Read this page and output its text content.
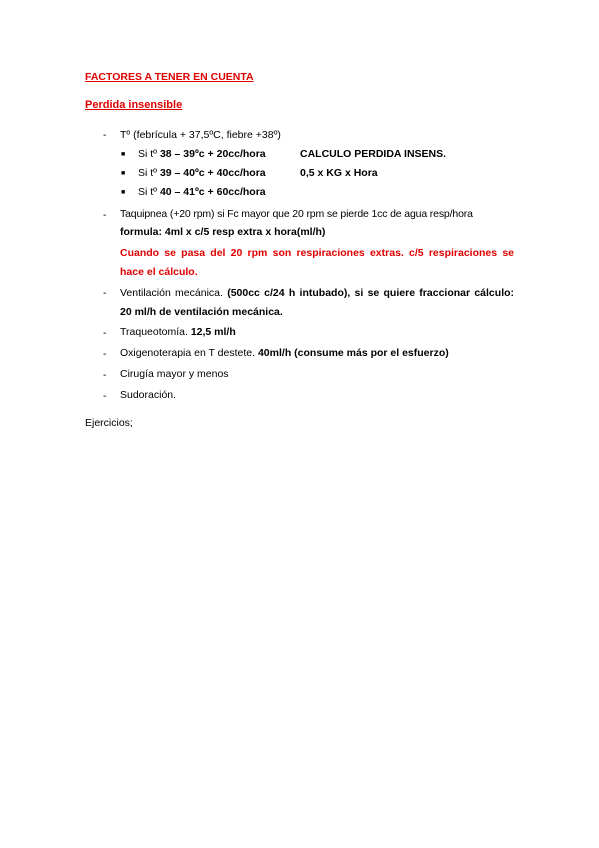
FACTORES A TENER EN CUENTA
Perdida insensible
- Tº (febrícula + 37,5ºC, fiebre +38º)
■ Si tº 38 – 39ºc + 20cc/hora	CALCULO PERDIDA INSENS.
■ Si tº 39 – 40ºc + 40cc/hora	0,5 x KG x Hora
■ Si tº 40 – 41ºc + 60cc/hora
- Taquipnea (+20 rpm) si Fc mayor que 20 rpm se pierde 1cc de agua resp/hora
formula: 4ml x c/5 resp extra x hora(ml/h)
Cuando se pasa del 20 rpm son respiraciones extras. c/5 respiraciones se hace el cálculo.
- Ventilación mecánica. (500cc c/24 h intubado), si se quiere fraccionar cálculo: 20 ml/h de ventilación mecánica.
- Traqueotomía. 12,5 ml/h
- Oxigenoterapia en T destete. 40ml/h (consume más por el esfuerzo)
- Cirugía mayor y menos
- Sudoración.
Ejercicios;
